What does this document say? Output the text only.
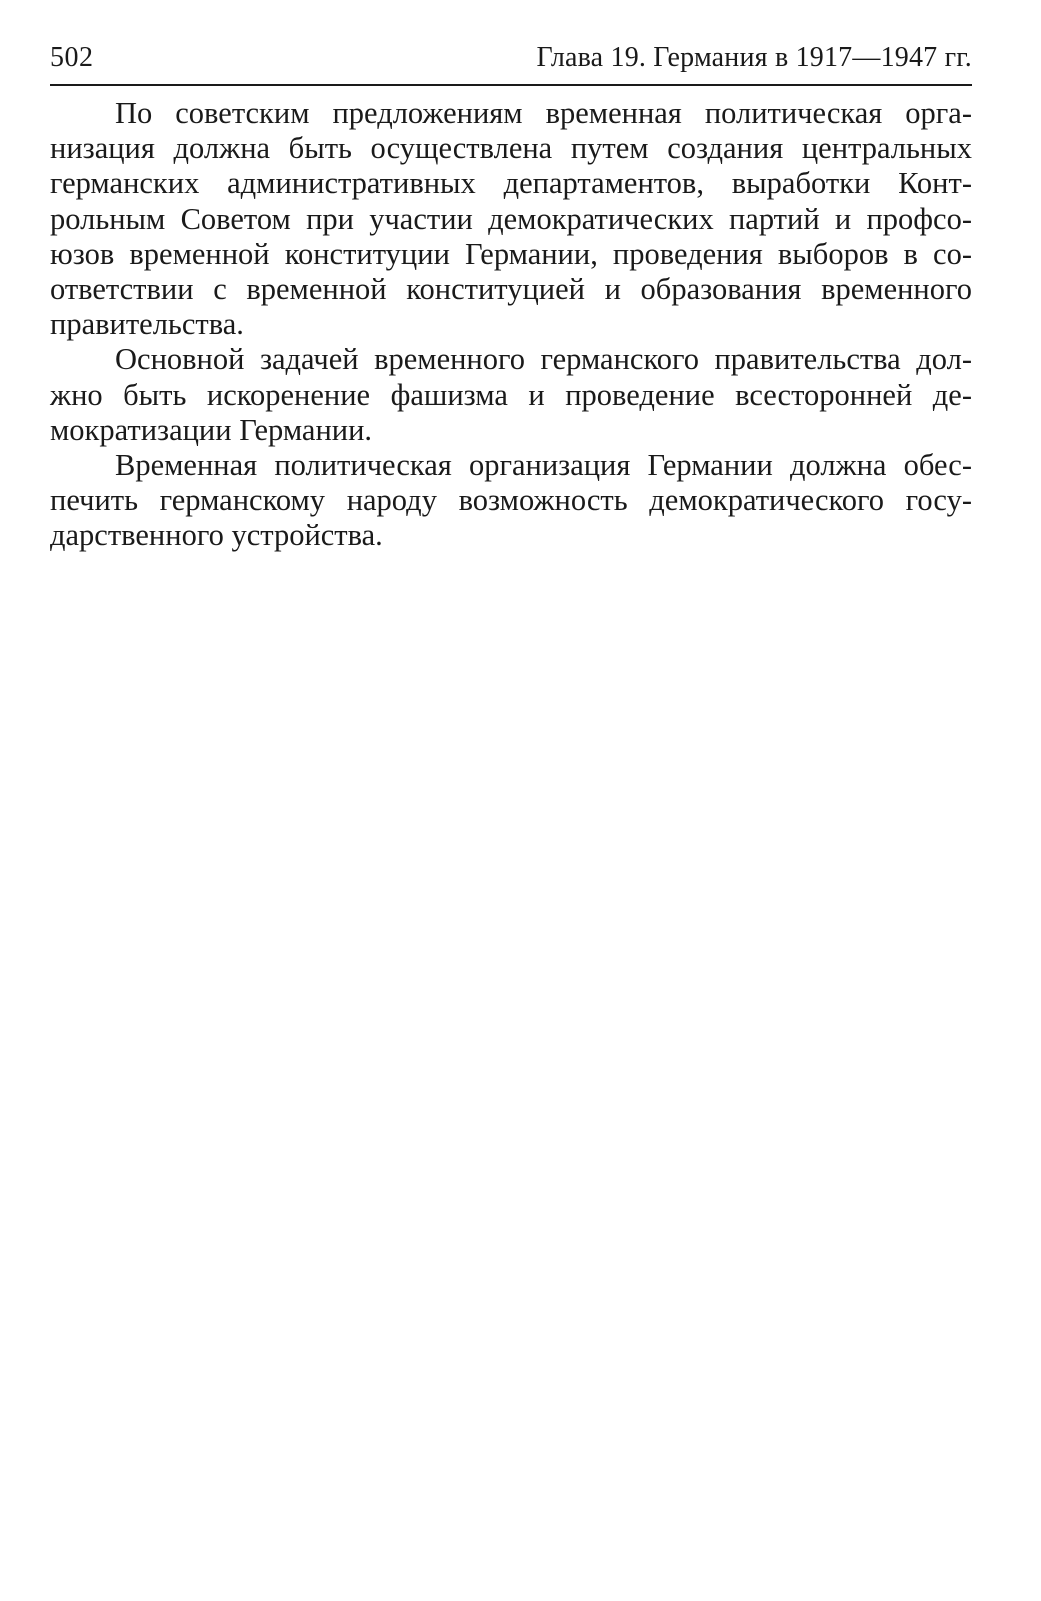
502	Глава 19. Германия в 1917—1947 гг.

По советским предложениям временная политическая организация должна быть осуществлена путем создания центральных германских административных департаментов, выработки Контрольным Советом при участии демократических партий и профсоюзов временной конституции Германии, проведения выборов в соответствии с временной конституцией и образования временного правительства.

Основной задачей временного германского правительства должно быть искоренение фашизма и проведение всесторонней демократизации Германии.

Временная политическая организация Германии должна обеспечить германскому народу возможность демократического государственного устройства.
